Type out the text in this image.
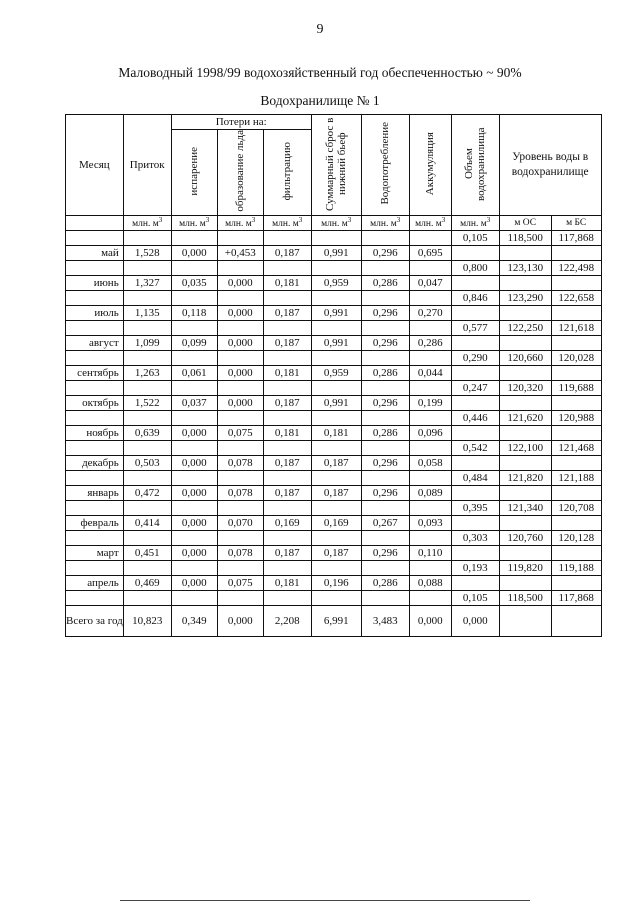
9
Маловодный 1998/99 водохозяйственный год обеспеченностью ~ 90%
Водохранилище № 1
Месяц	Приток	Потери на:			Суммарный сброс в нижний бьеф	Водопотребление	Аккумуляция	Объем водохранилища	Уровень воды в водохранилище	
		испарение	образование льда	фильтрацию						
	млн. $м^3$	млн. $м^3$	млн. $м^3$	млн. $м^3$	млн. $м^3$	млн. $м^3$	млн. $м^3$	млн. $м^3$	м ОС	м БС
								0,105	118,500	117,868

май	1,528	0,000	+0,453	0,187	0,991	0,296	0,695			
								0,800	123,130	122,498

июнь	1,327	0,035	0,000	0,181	0,959	0,286	0,047			
								0,846	123,290	122,658

июль	1,135	0,118	0,000	0,187	0,991	0,296	0,270			
								0,577	122,250	121,618

август	1,099	0,099	0,000	0,187	0,991	0,296	0,286			
								0,290	120,660	120,028

сентябрь	1,263	0,061	0,000	0,181	0,959	0,286	0,044			
								0,247	120,320	119,688

октябрь	1,522	0,037	0,000	0,187	0,991	0,296	0,199			
								0,446	121,620	120,988

ноябрь	0,639	0,000	0,075	0,181	0,181	0,286	0,096			
								0,542	122,100	121,468

декабрь	0,503	0,000	0,078	0,187	0,187	0,296	0,058			
								0,484	121,820	121,188

январь	0,472	0,000	0,078	0,187	0,187	0,296	0,089			
								0,395	121,340	120,708

февраль	0,414	0,000	0,070	0,169	0,169	0,267	0,093			
								0,303	120,760	120,128

март	0,451	0,000	0,078	0,187	0,187	0,296	0,110			
								0,193	119,820	119,188

апрель	0,469	0,000	0,075	0,181	0,196	0,286	0,088			
								0,105	118,500	117,868
Всего за год	10,823	0,349	0,000	2,208	6,991	3,483	0,000	0,000		
